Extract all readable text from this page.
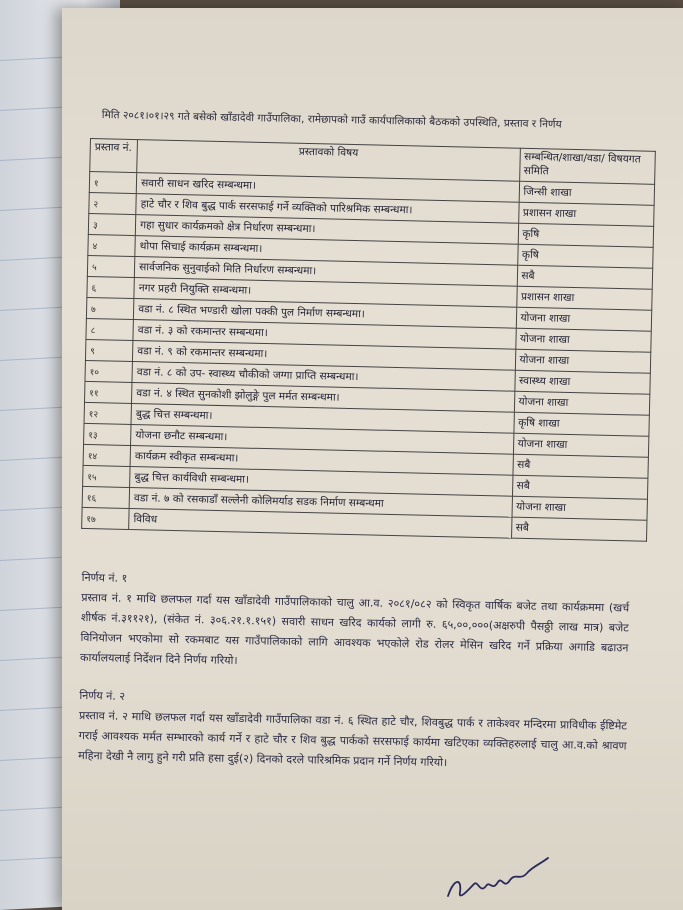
मिति २०८१।०१।२९ गते बसेको खाँडादेवी गाउँपालिका, रामेछापको गाउँ कार्यपालिकाको बैठकको उपस्थिति, प्रस्ताव र निर्णय
प्रस्ताव नं.	प्रस्तावको विषय	सम्बन्धित/शाखा/वडा/ विषयगत समिति
१	सवारी साधन खरिद सम्बन्धमा।	जिन्सी शाखा
२	हाटे चौर र शिव बुद्ध पार्क सरसफाई गर्ने व्यक्तिको पारिश्रमिक सम्बन्धमा।	प्रशासन शाखा
३	गहा सुधार कार्यक्रमको क्षेत्र निर्धारण सम्बन्धमा।	कृषि
४	थोपा सिचाई कार्यक्रम सम्बन्धमा।	कृषि
५	सार्वजनिक सुनुवाईको मिति निर्धारण सम्बन्धमा।	सबै
६	नगर प्रहरी नियुक्ति सम्बन्धमा।	प्रशासन शाखा
७	वडा नं. ८ स्थित भण्डारी खोला पक्की पुल निर्माण सम्बन्धमा।	योजना शाखा
८	वडा नं. ३ को रकमान्तर सम्बन्धमा।	योजना शाखा
९	वडा नं. ९ को रकमान्तर सम्बन्धमा।	योजना शाखा
१०	वडा नं. ८ को उप- स्वास्थ्य चौकीको जग्गा प्राप्ति सम्बन्धमा।	स्वास्थ्य शाखा
११	वडा नं. ४ स्थित सुनकोशी झोलुङ्गे पुल मर्मत सम्बन्धमा।	योजना शाखा
१२	बुद्ध चित्त सम्बन्धमा।	कृषि शाखा
१३	योजना छनौट सम्बन्धमा।	योजना शाखा
१४	कार्यक्रम स्वीकृत सम्बन्धमा।	सबै
१५	बुद्ध चित्त कार्यविधी सम्बन्धमा।	सबै
१६	वडा नं. ७ को रसकाडाँ सल्लेनी कोलिमर्याड सडक निर्माण सम्बन्धमा	योजना शाखा
१७	विविध	सबै
निर्णय नं. १

प्रस्ताव नं. १ माथि छलफल गर्दा यस खाँडादेवी गाउँपालिकाको चालु आ.व. २०८१/०८२ को स्विकृत वार्षिक बजेट तथा कार्यक्रममा (खर्च शीर्षक नं.३११२१), (संकेत नं. ३०६.२१.१.१५१) सवारी साधन खरिद कार्यको लागी रु. ६५,००,०००(अक्षरुपी पैसठ्ठी लाख मात्र) बजेट विनियोजन भएकोमा सो रकमबाट यस गाउँपालिकाको लागि आवश्यक भएकोले रोड रोलर मेसिन खरिद गर्ने प्रक्रिया अगाडि बढाउन कार्यालयलाई निर्देशन दिने निर्णय गरियो।

निर्णय नं. २

प्रस्ताव नं. २ माथि छलफल गर्दा यस खाँडादेवी गाउँपालिका वडा नं. ६ स्थित हाटे चौर, शिवबुद्ध पार्क र ताकेश्वर मन्दिरमा प्राविधीक ईष्टिमेट गराई आवश्यक मर्मत सम्भारको कार्य गर्ने र हाटे चौर र शिव बुद्ध पार्कको सरसफाई कार्यमा खटिएका व्यक्तिहरुलाई चालु आ.व.को श्रावण महिना देखी नै लागु हुने गरी प्रति हसा दुई(२) दिनको दरले पारिश्रमिक प्रदान गर्ने निर्णय गरियो।
